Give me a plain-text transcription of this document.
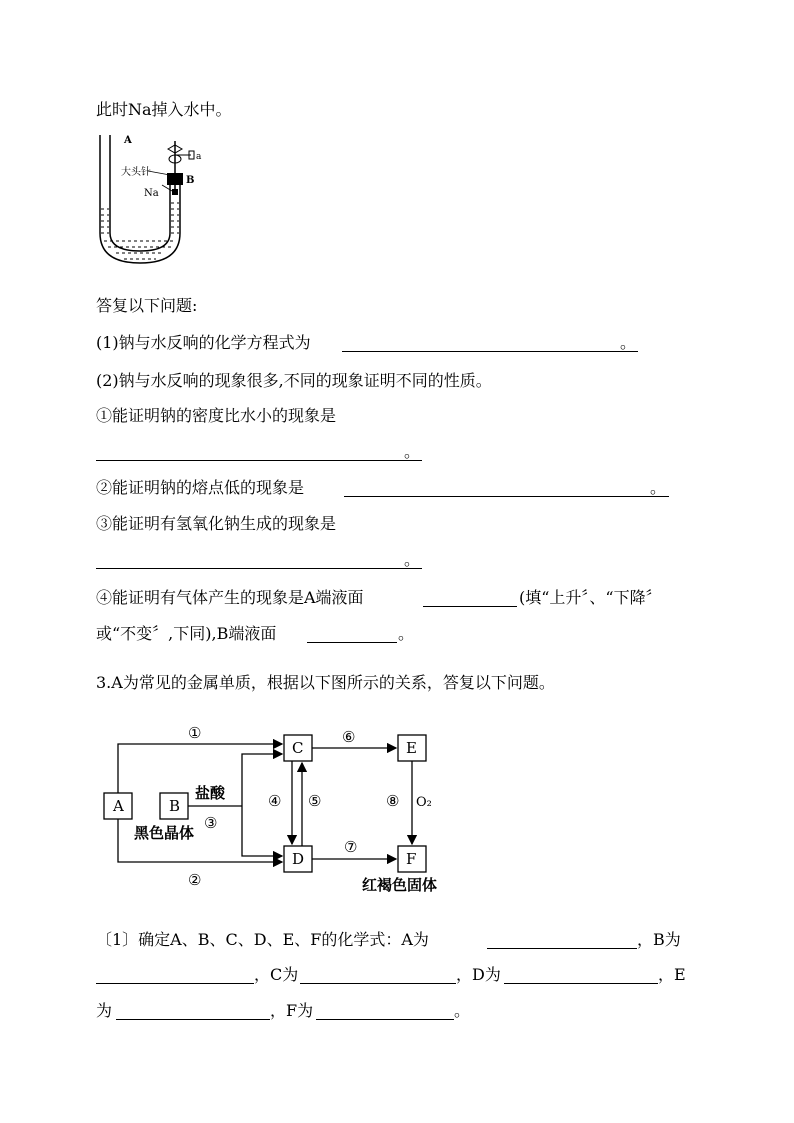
此时Na掉入水中。
A
a
大头针
B
Na
答复以下问题:
(1)钠与水反响的化学方程式为	。
(2)钠与水反响的现象很多,不同的现象证明不同的性质。
①能证明钠的密度比水小的现象是
。
②能证明钠的熔点低的现象是	。
③能证明有氢氧化钠生成的现象是
。
④能证明有气体产生的现象是A端液面	(填“上升〞、“下降〞
或“不变〞,下同),B端液面	。
3.A为常见的金属单质，根据以下图所示的关系，答复以下问题。
A	B
C
D
E
F
①
②
③
④ ⑤
⑥
⑦
⑧
盐酸
O₂
黑色晶体
红褐色固体
〔1〕确定A、B、C、D、E、F的化学式：A为	，B为
，C为	，D为	，E
为	，F为	。
